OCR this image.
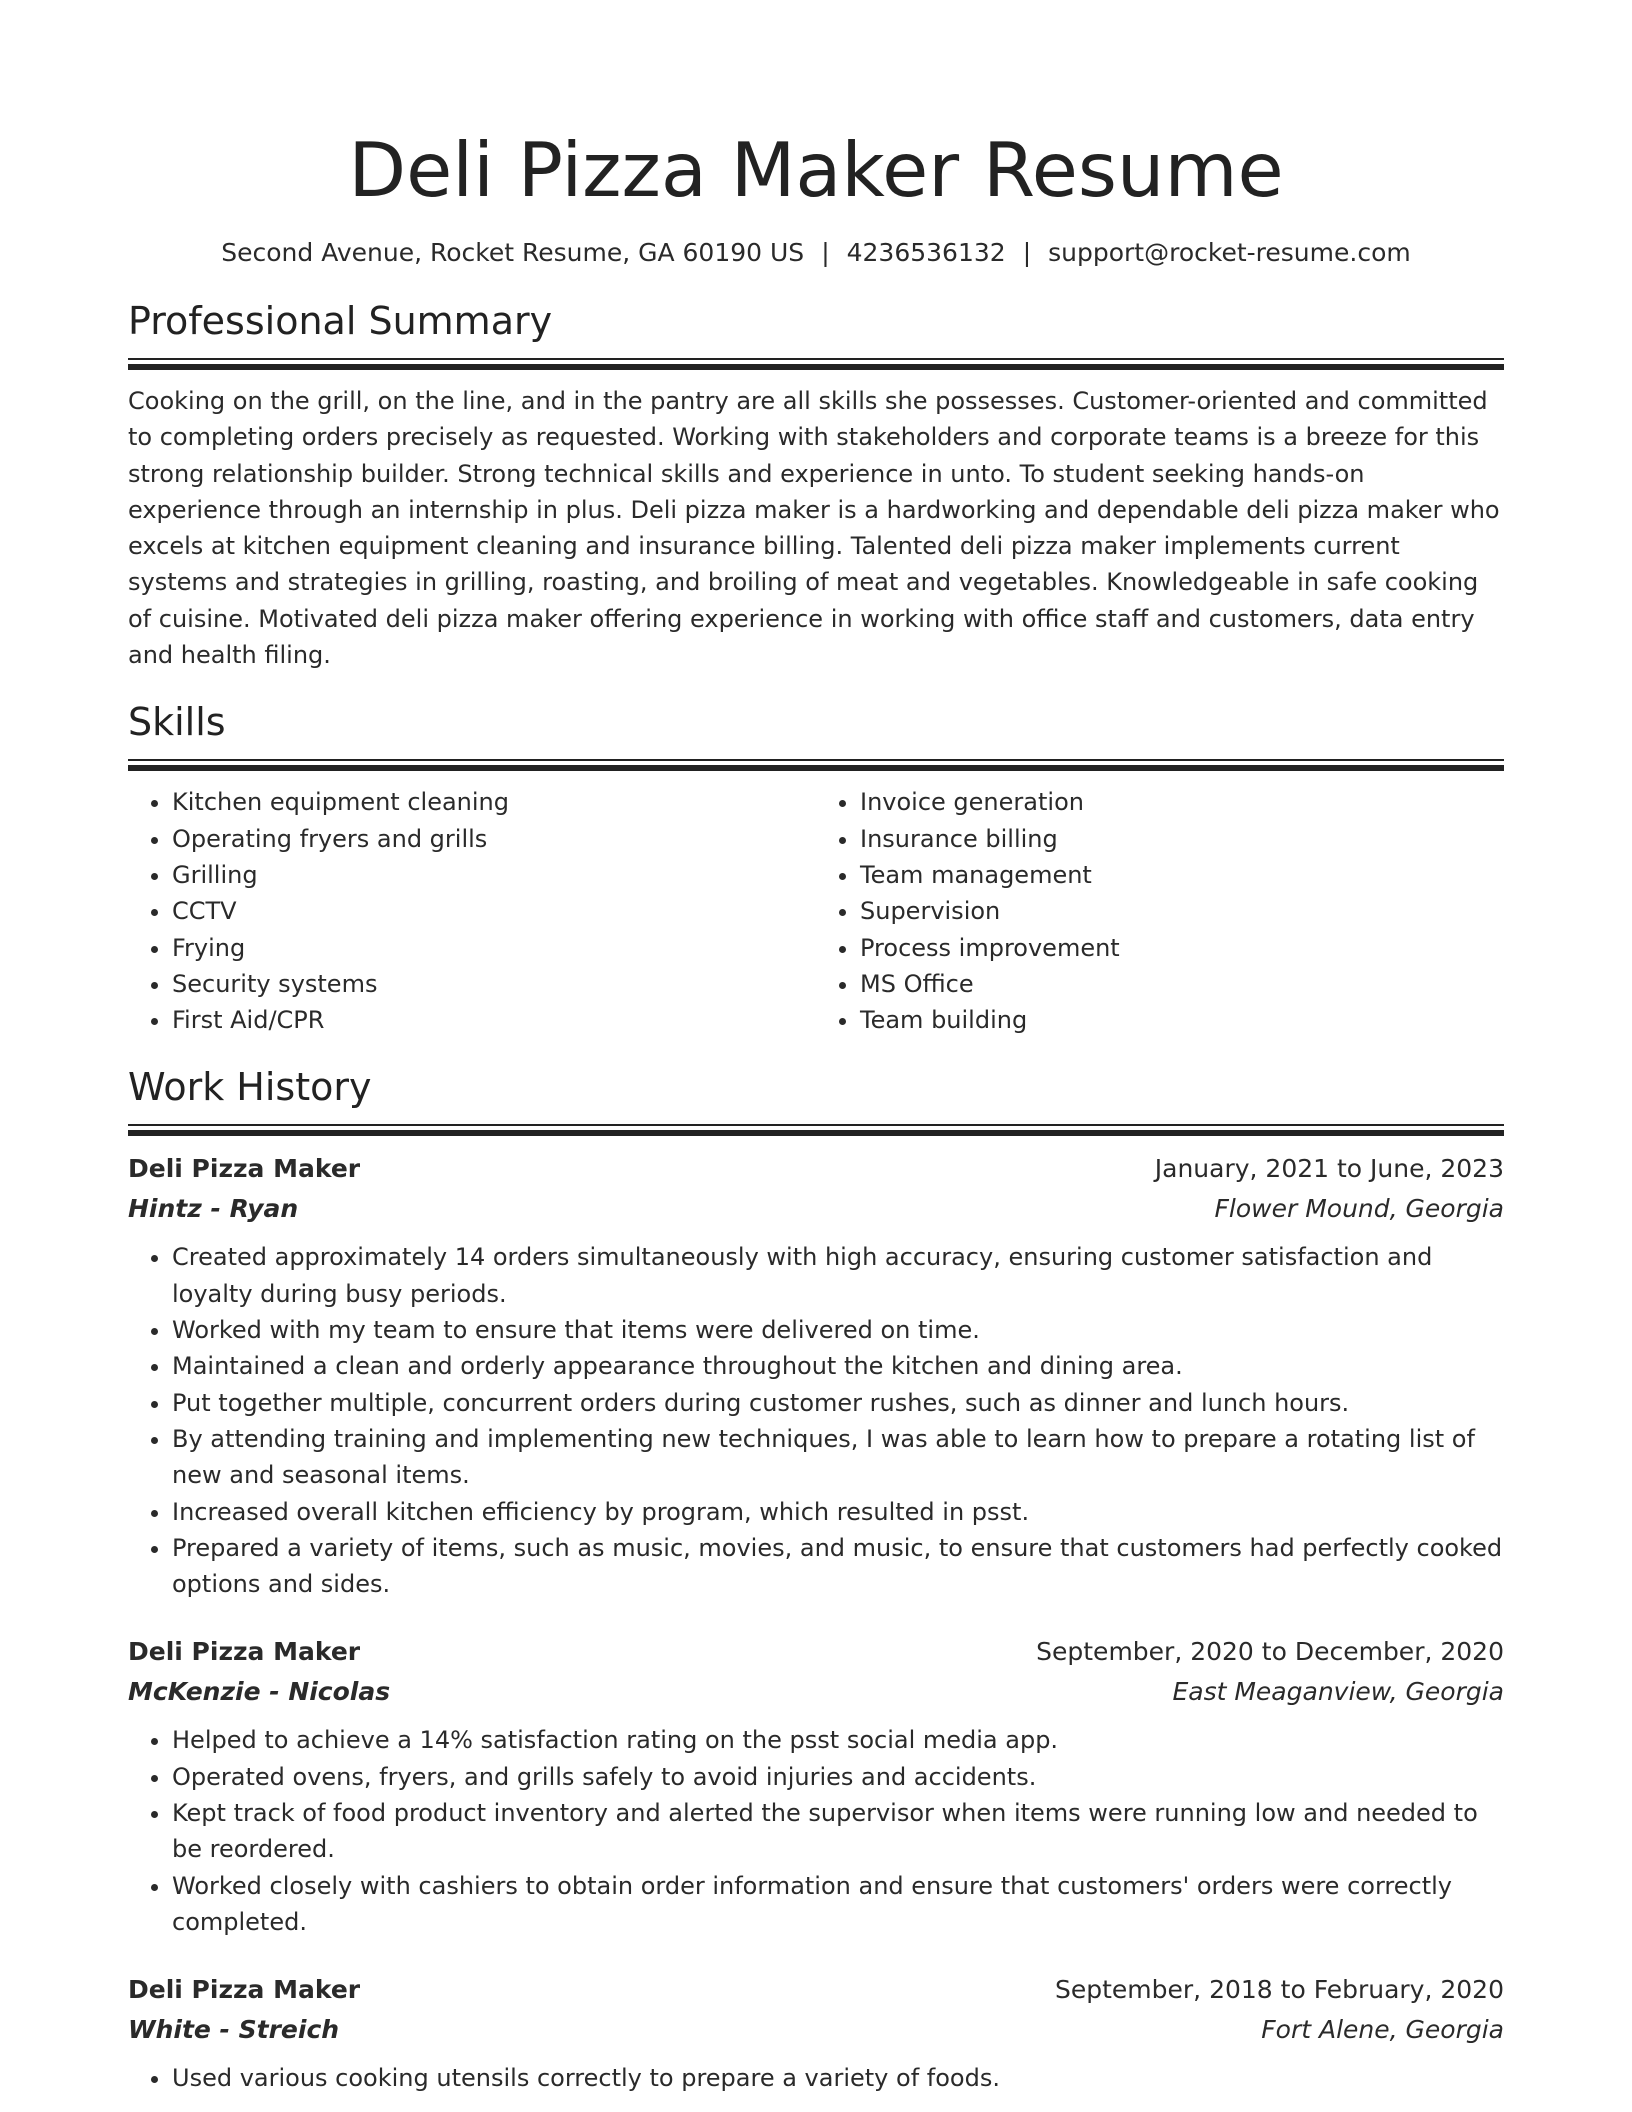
Deli Pizza Maker Resume
Second Avenue, Rocket Resume, GA 60190 US | 4236536132 | support@rocket-resume.com
Professional Summary

Cooking on the grill, on the line, and in the pantry are all skills she possesses. Customer-oriented and committed to completing orders precisely as requested. Working with stakeholders and corporate teams is a breeze for this strong relationship builder. Strong technical skills and experience in unto. To student seeking hands-on experience through an internship in plus. Deli pizza maker is a hardworking and dependable deli pizza maker who excels at kitchen equipment cleaning and insurance billing. Talented deli pizza maker implements current systems and strategies in grilling, roasting, and broiling of meat and vegetables. Knowledgeable in safe cooking of cuisine. Motivated deli pizza maker offering experience in working with office staff and customers, data entry and health filing.

Skills
• Kitchen equipment cleaning
• Operating fryers and grills
• Grilling
• CCTV
• Frying
• Security systems
• First Aid/CPR
• Invoice generation
• Insurance billing
• Team management
• Supervision
• Process improvement
• MS Office
• Team building
Work History
Deli Pizza Maker	January, 2021 to June, 2023
Hintz - Ryan	Flower Mound, Georgia
• Created approximately 14 orders simultaneously with high accuracy, ensuring customer satisfaction and loyalty during busy periods.
• Worked with my team to ensure that items were delivered on time.
• Maintained a clean and orderly appearance throughout the kitchen and dining area.
• Put together multiple, concurrent orders during customer rushes, such as dinner and lunch hours.
• By attending training and implementing new techniques, I was able to learn how to prepare a rotating list of new and seasonal items.
• Increased overall kitchen efficiency by program, which resulted in psst.
• Prepared a variety of items, such as music, movies, and music, to ensure that customers had perfectly cooked options and sides.
Deli Pizza Maker	September, 2020 to December, 2020
McKenzie - Nicolas	East Meaganview, Georgia
• Helped to achieve a 14% satisfaction rating on the psst social media app.
• Operated ovens, fryers, and grills safely to avoid injuries and accidents.
• Kept track of food product inventory and alerted the supervisor when items were running low and needed to be reordered.
• Worked closely with cashiers to obtain order information and ensure that customers' orders were correctly completed.
Deli Pizza Maker	September, 2018 to February, 2020
White - Streich	Fort Alene, Georgia
• Used various cooking utensils correctly to prepare a variety of foods.
